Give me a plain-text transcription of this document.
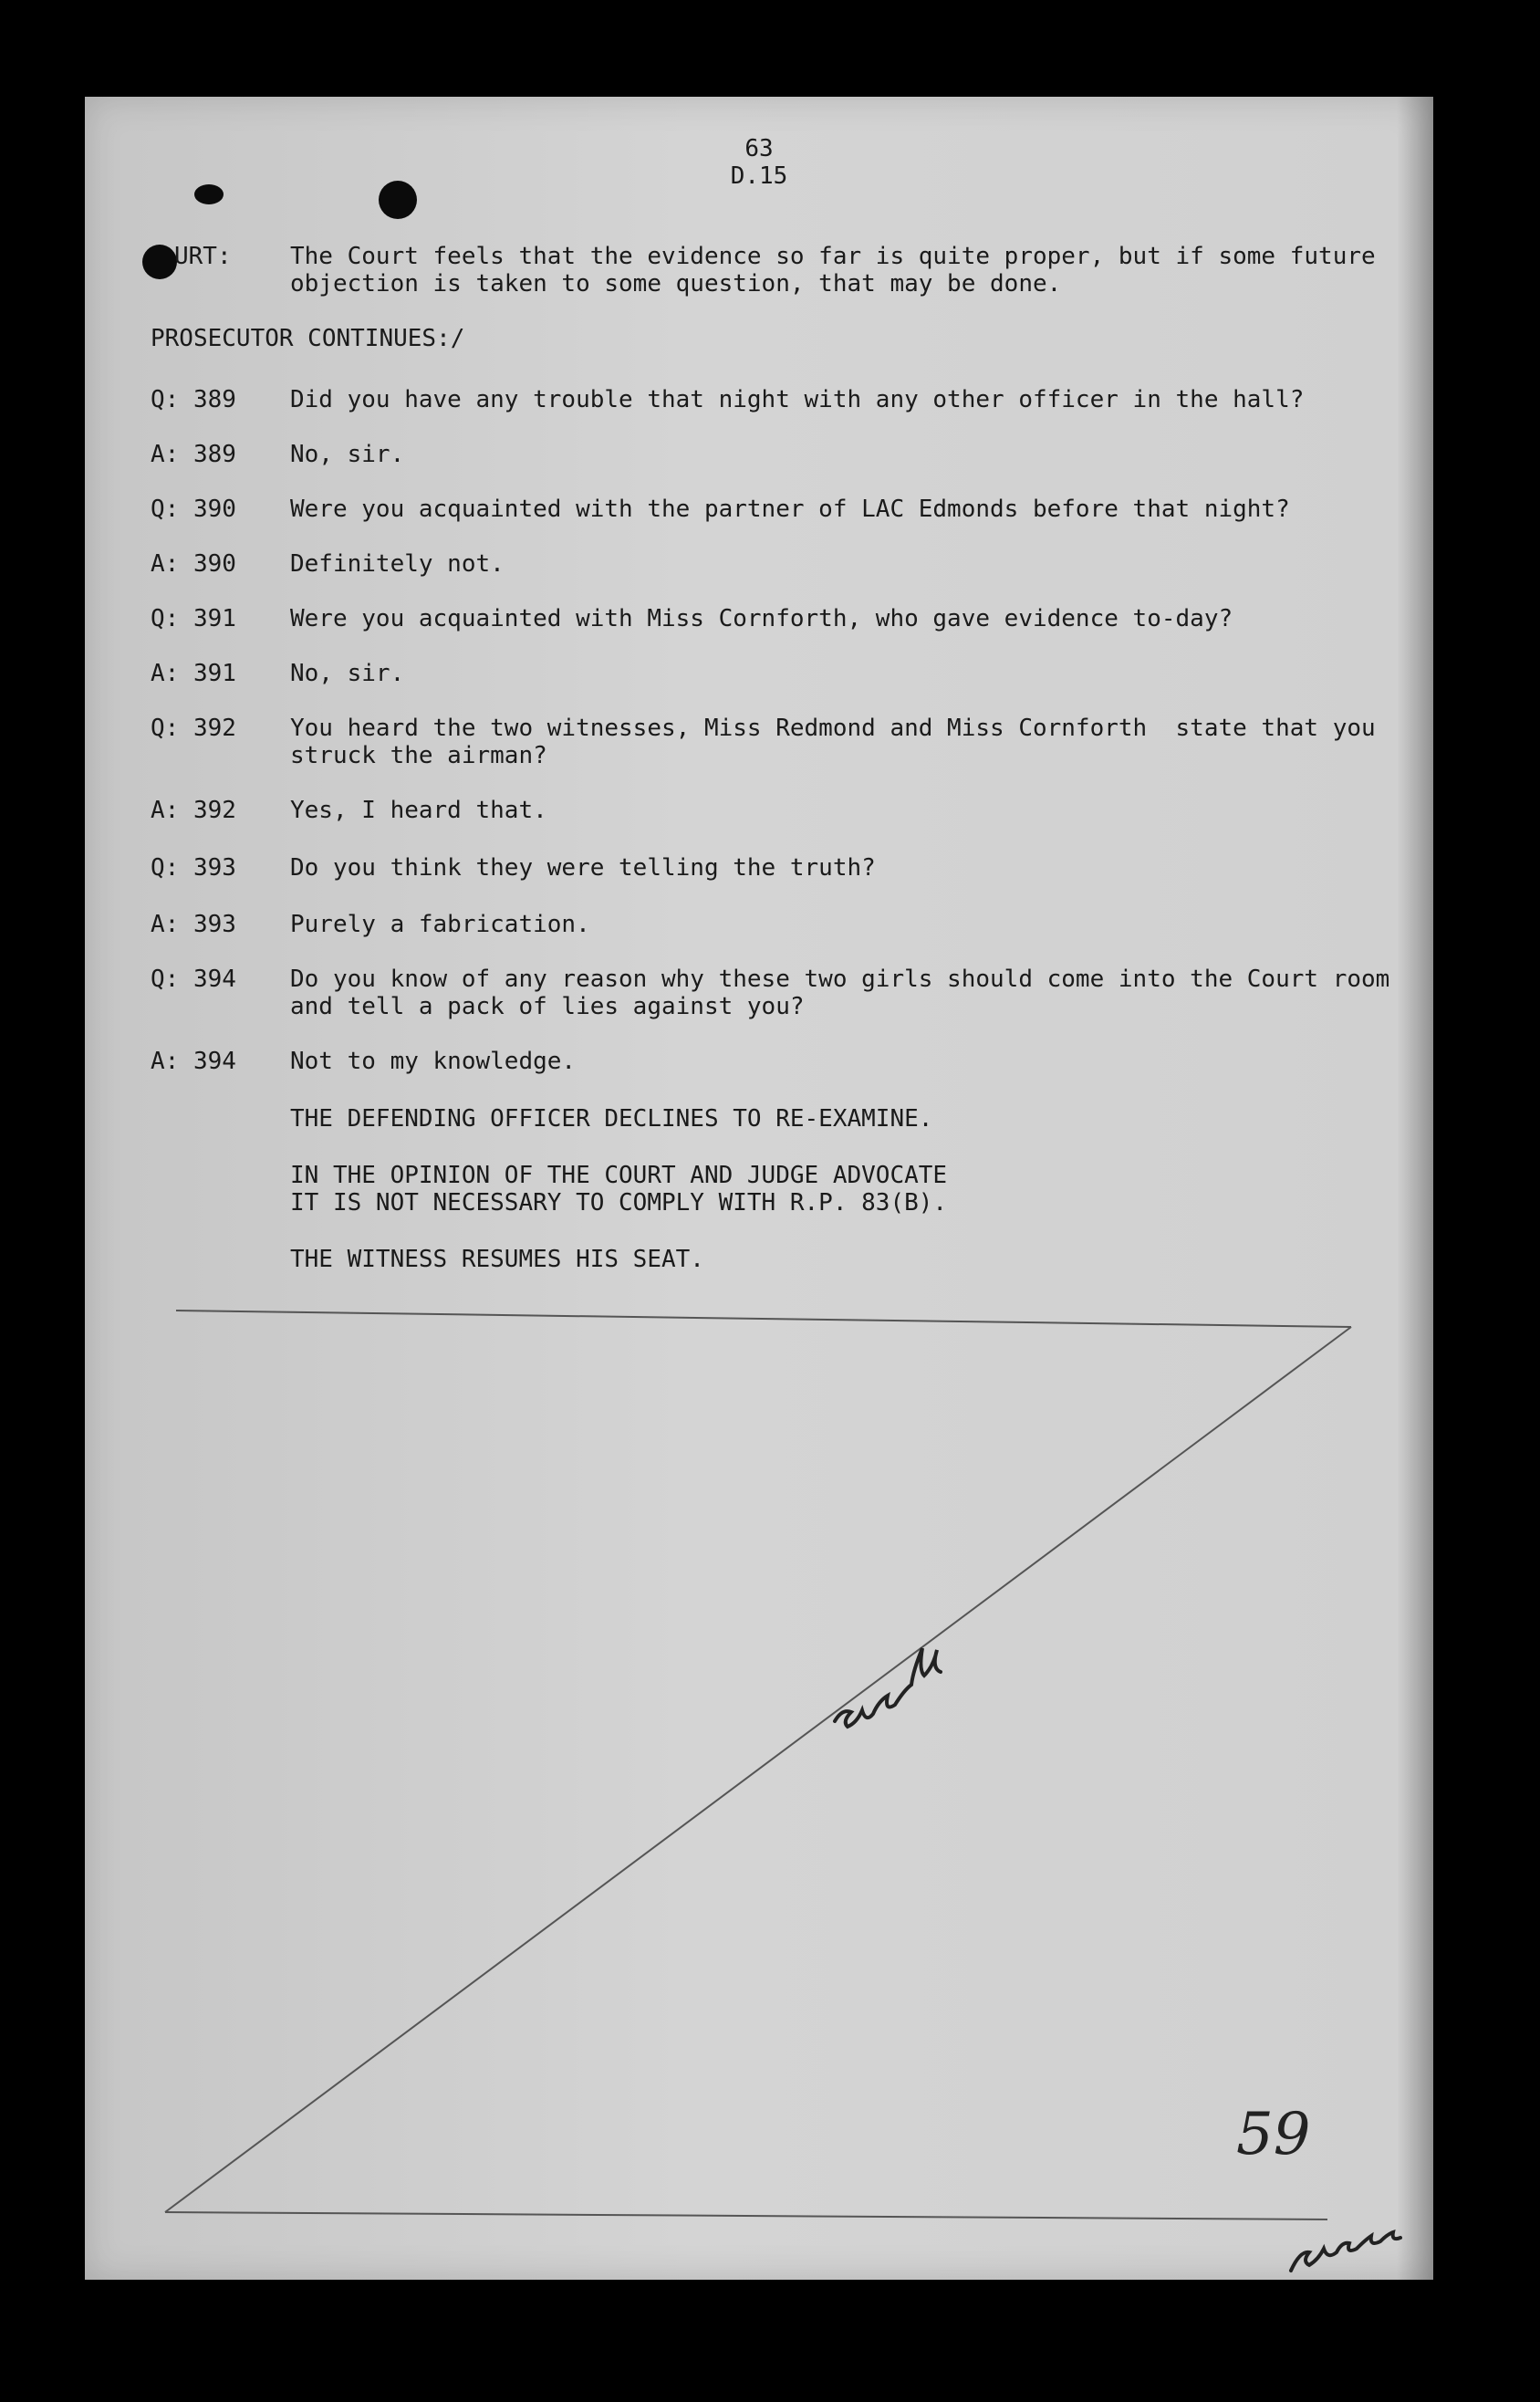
63
D.15
URT: The Court feels that the evidence so far is quite proper, but if some future
objection is taken to some question, that may be done.
PROSECUTOR CONTINUES:/
Q: 389 Did you have any trouble that night with any other officer in the hall?
A: 389 No, sir.
Q: 390 Were you acquainted with the partner of LAC Edmonds before that night?
A: 390 Definitely not.
Q: 391 Were you acquainted with Miss Cornforth, who gave evidence to-day?
A: 391 No, sir.
Q: 392 You heard the two witnesses, Miss Redmond and Miss Cornforth  state that you
struck the airman?
A: 392 Yes, I heard that.
Q: 393 Do you think they were telling the truth?
A: 393 Purely a fabrication.
Q: 394 Do you know of any reason why these two girls should come into the Court room
and tell a pack of lies against you?
A: 394 Not to my knowledge.
THE DEFENDING OFFICER DECLINES TO RE-EXAMINE.
IN THE OPINION OF THE COURT AND JUDGE ADVOCATE
IT IS NOT NECESSARY TO COMPLY WITH R.P. 83(B).
THE WITNESS RESUMES HIS SEAT.
59
